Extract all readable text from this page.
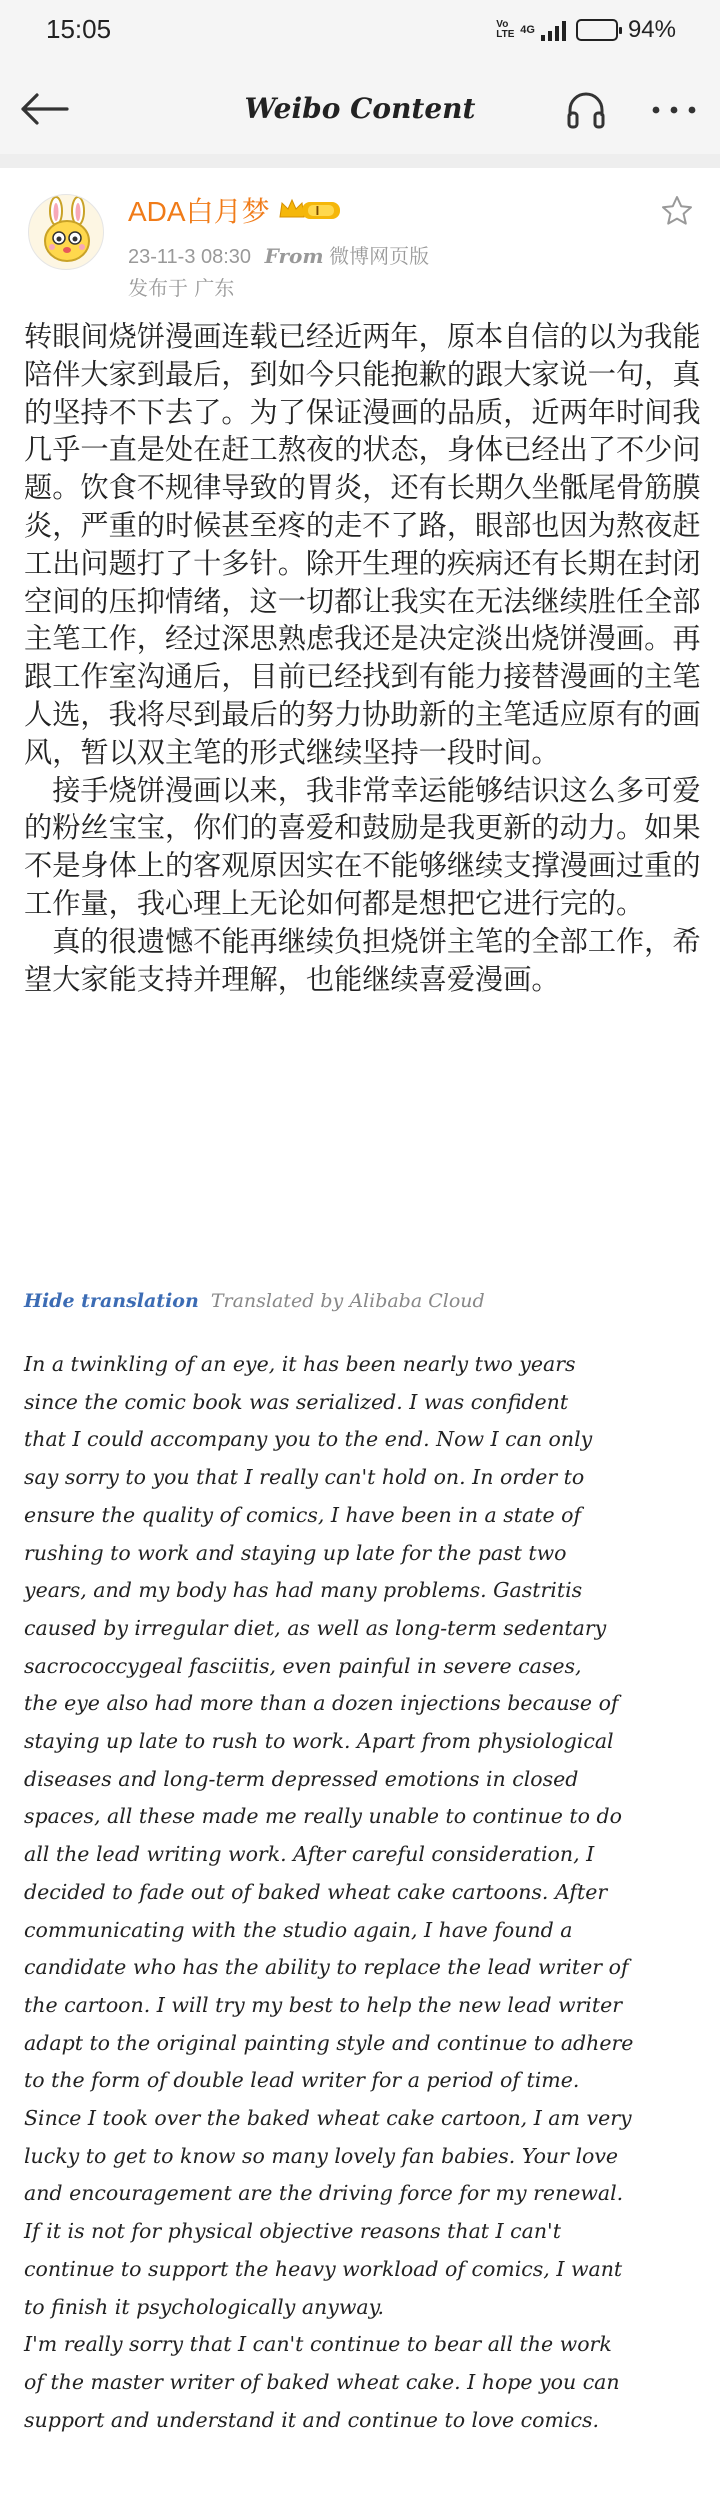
15:05	Vo LTE 4G	94%
Weibo Content
ADA白月梦	I
23-11-3 08:30 From 微博网页版
发布于 广东

转眼间烧饼漫画连载已经近两年，原本自信的以为我能陪伴大家到最后，到如今只能抱歉的跟大家说一句，真的坚持不下去了。为了保证漫画的品质，近两年时间我几乎一直是处在赶工熬夜的状态，身体已经出了不少问题。饮食不规律导致的胃炎，还有长期久坐骶尾骨筋膜炎，严重的时候甚至疼的走不了路，眼部也因为熬夜赶工出问题打了十多针。除开生理的疾病还有长期在封闭空间的压抑情绪，这一切都让我实在无法继续胜任全部主笔工作，经过深思熟虑我还是决定淡出烧饼漫画。再跟工作室沟通后，目前已经找到有能力接替漫画的主笔人选，我将尽到最后的努力协助新的主笔适应原有的画风，暂以双主笔的形式继续坚持一段时间。

　接手烧饼漫画以来，我非常幸运能够结识这么多可爱的粉丝宝宝，你们的喜爱和鼓励是我更新的动力。如果不是身体上的客观原因实在不能够继续支撑漫画过重的工作量，我心理上无论如何都是想把它进行完的。

　真的很遗憾不能再继续负担烧饼主笔的全部工作，希望大家能支持并理解，也能继续喜爱漫画。

Hide translation Translated by Alibaba Cloud

In a twinkling of an eye, it has been nearly two years

since the comic book was serialized. I was confident

that I could accompany you to the end. Now I can only

say sorry to you that I really can't hold on. In order to

ensure the quality of comics, I have been in a state of

rushing to work and staying up late for the past two

years, and my body has had many problems. Gastritis

caused by irregular diet, as well as long-term sedentary

sacrococcygeal fasciitis, even painful in severe cases,

the eye also had more than a dozen injections because of

staying up late to rush to work. Apart from physiological

diseases and long-term depressed emotions in closed

spaces, all these made me really unable to continue to do

all the lead writing work. After careful consideration, I

decided to fade out of baked wheat cake cartoons. After

communicating with the studio again, I have found a

candidate who has the ability to replace the lead writer of

the cartoon. I will try my best to help the new lead writer

adapt to the original painting style and continue to adhere

to the form of double lead writer for a period of time.

Since I took over the baked wheat cake cartoon, I am very

lucky to get to know so many lovely fan babies. Your love

and encouragement are the driving force for my renewal.

If it is not for physical objective reasons that I can't

continue to support the heavy workload of comics, I want

to finish it psychologically anyway.

I'm really sorry that I can't continue to bear all the work

of the master writer of baked wheat cake. I hope you can

support and understand it and continue to love comics.
